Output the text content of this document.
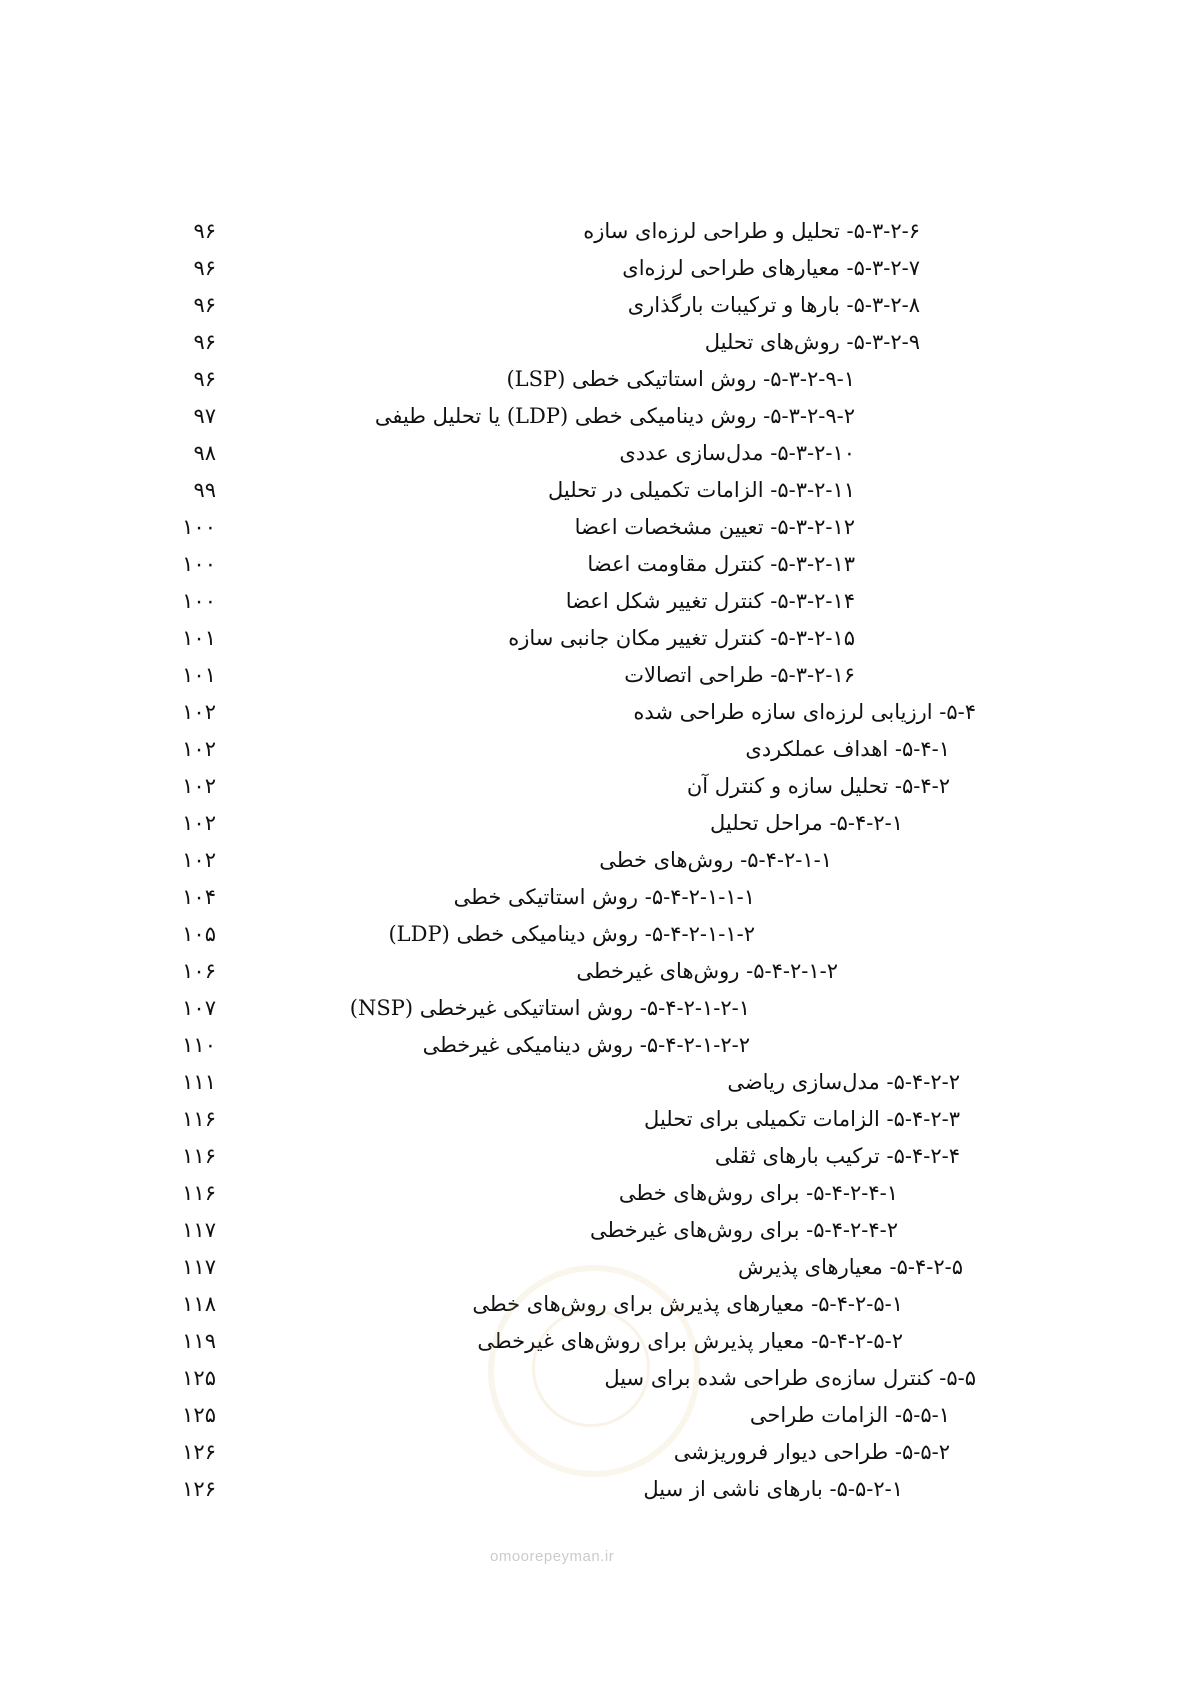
۵-۳-۲-۶- تحلیل و طراحی لرزه‌ای سازه
۹۶
۵-۳-۲-۷- معیارهای طراحی لرزه‌ای
۹۶
۵-۳-۲-۸- بارها و ترکیبات بارگذاری
۹۶
۵-۳-۲-۹- روش‌های تحلیل
۹۶
۵-۳-۲-۹-۱- روش استاتیکی خطی (LSP)
۹۶
۵-۳-۲-۹-۲- روش دینامیکی خطی (LDP) یا تحلیل طیفی
۹۷
۵-۳-۲-۱۰- مدل‌سازی عددی
۹۸
۵-۳-۲-۱۱- الزامات تکمیلی در تحلیل
۹۹
۵-۳-۲-۱۲- تعیین مشخصات اعضا
۱۰۰
۵-۳-۲-۱۳- کنترل مقاومت اعضا
۱۰۰
۵-۳-۲-۱۴- کنترل تغییر شکل اعضا
۱۰۰
۵-۳-۲-۱۵- کنترل تغییر مکان جانبی سازه
۱۰۱
۵-۳-۲-۱۶- طراحی اتصالات
۱۰۱
۵-۴- ارزیابی لرزه‌ای سازه طراحی شده
۱۰۲
۵-۴-۱- اهداف عملکردی
۱۰۲
۵-۴-۲- تحلیل سازه و کنترل آن
۱۰۲
۵-۴-۲-۱- مراحل تحلیل
۱۰۲
۵-۴-۲-۱-۱- روش‌های خطی
۱۰۲
۵-۴-۲-۱-۱-۱- روش استاتیکی خطی
۱۰۴
۵-۴-۲-۱-۱-۲- روش دینامیکی خطی (LDP)
۱۰۵
۵-۴-۲-۱-۲- روش‌های غیرخطی
۱۰۶
۵-۴-۲-۱-۲-۱- روش استاتیکی غیرخطی (NSP)
۱۰۷
۵-۴-۲-۱-۲-۲- روش دینامیکی غیرخطی
۱۱۰
۵-۴-۲-۲- مدل‌سازی ریاضی
۱۱۱
۵-۴-۲-۳- الزامات تکمیلی برای تحلیل
۱۱۶
۵-۴-۲-۴- ترکیب بارهای ثقلی
۱۱۶
۵-۴-۲-۴-۱- برای روش‌های خطی
۱۱۶
۵-۴-۲-۴-۲- برای روش‌های غیرخطی
۱۱۷
۵-۴-۲-۵- معیارهای پذیرش
۱۱۷
۵-۴-۲-۵-۱- معیارهای پذیرش برای روش‌های خطی
۱۱۸
۵-۴-۲-۵-۲- معیار پذیرش برای روش‌های غیرخطی
۱۱۹
۵-۵- کنترل سازه‌ی طراحی شده برای سیل
۱۲۵
۵-۵-۱- الزامات طراحی
۱۲۵
۵-۵-۲- طراحی دیوار فروریزشی
۱۲۶
۵-۵-۲-۱- بارهای ناشی از سیل
۱۲۶
omoorepeyman.ir
